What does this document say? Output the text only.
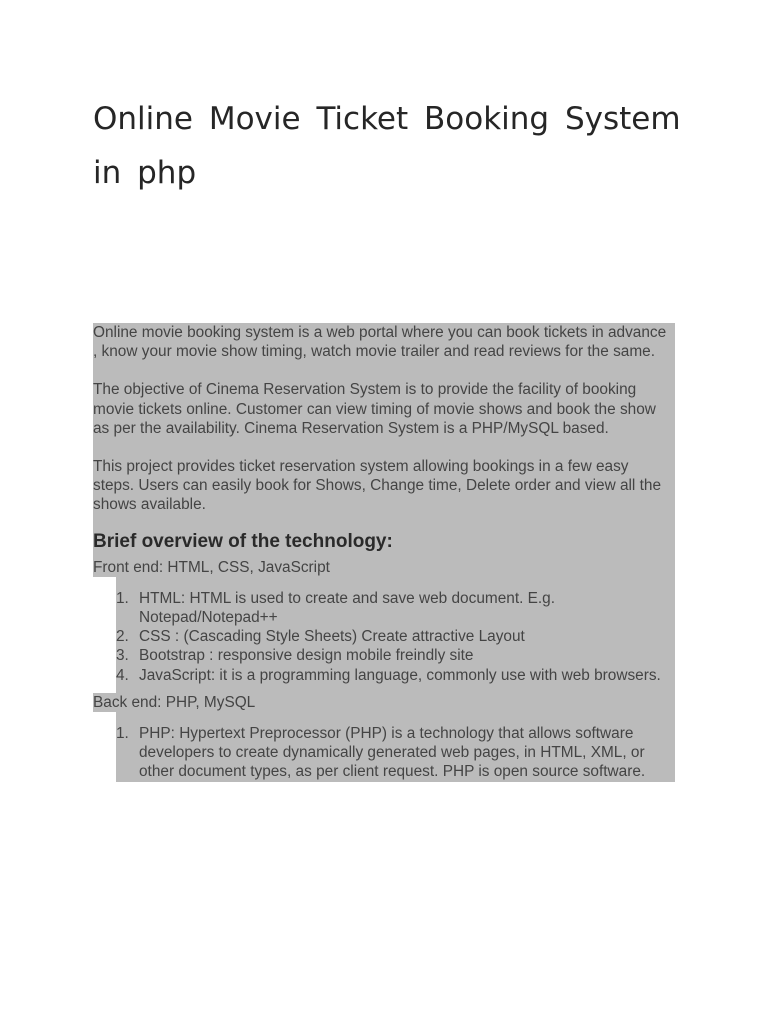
Online Movie Ticket Booking System in php

Online movie booking system is a web portal where you can book tickets in advance , know your movie show timing, watch movie trailer and read reviews for the same.

The objective of Cinema Reservation System is to provide the facility of booking movie tickets online. Customer can view timing of movie shows and book the show as per the availability. Cinema Reservation System is a PHP/MySQL based.

This project provides ticket reservation system allowing bookings in a few easy steps. Users can easily book for Shows, Change time, Delete order and view all the shows available.

Brief overview of the technology:

Front end: HTML, CSS, JavaScript

1. HTML: HTML is used to create and save web document. E.g. Notepad/Notepad++
2. CSS : (Cascading Style Sheets) Create attractive Layout
3. Bootstrap : responsive design mobile freindly site
4. JavaScript: it is a programming language, commonly use with web browsers.

Back end: PHP, MySQL

1. PHP: Hypertext Preprocessor (PHP) is a technology that allows software developers to create dynamically generated web pages, in HTML, XML, or other document types, as per client request. PHP is open source software.
